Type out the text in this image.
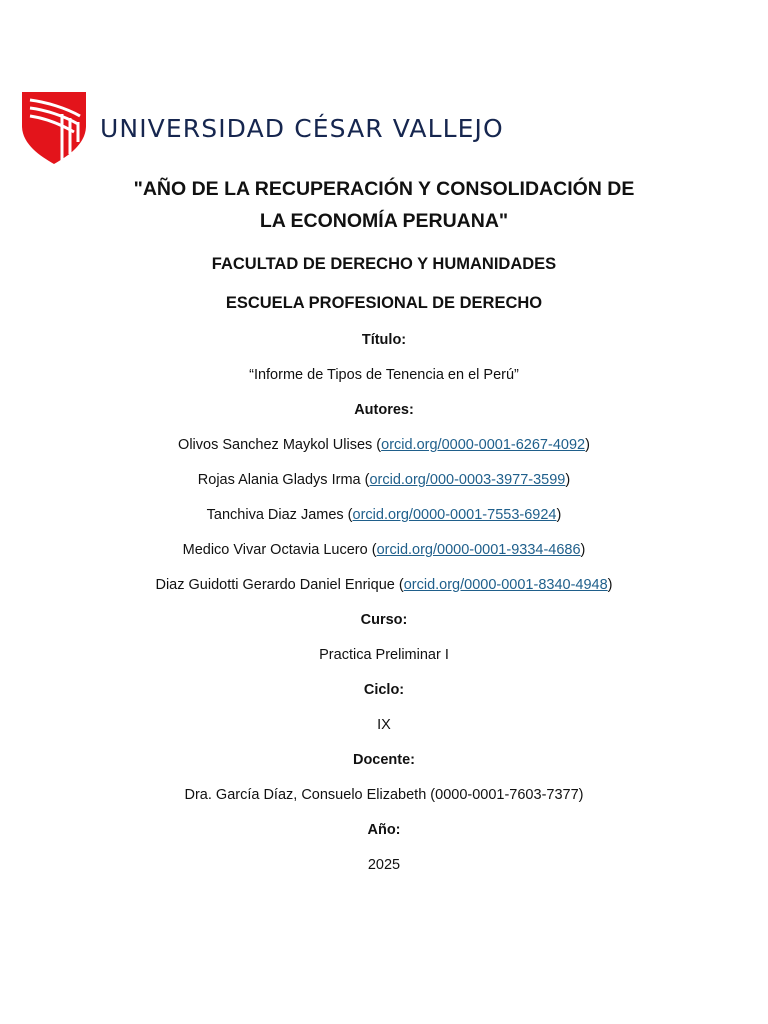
UNIVERSIDAD CÉSAR VALLEJO
"AÑO DE LA RECUPERACIÓN Y CONSOLIDACIÓN DE
LA ECONOMÍA PERUANA"
FACULTAD DE DERECHO Y HUMANIDADES
ESCUELA PROFESIONAL DE DERECHO
Título:
“Informe de Tipos de Tenencia en el Perú”
Autores:
Olivos Sanchez Maykol Ulises (orcid.org/0000-0001-6267-4092)
Rojas Alania Gladys Irma (orcid.org/000-0003-3977-3599)
Tanchiva Diaz James (orcid.org/0000-0001-7553-6924)
Medico Vivar Octavia Lucero (orcid.org/0000-0001-9334-4686)
Diaz Guidotti Gerardo Daniel Enrique (orcid.org/0000-0001-8340-4948)
Curso:
Practica Preliminar I
Ciclo:
IX
Docente:
Dra. García Díaz, Consuelo Elizabeth (0000-0001-7603-7377)
Año:
2025
